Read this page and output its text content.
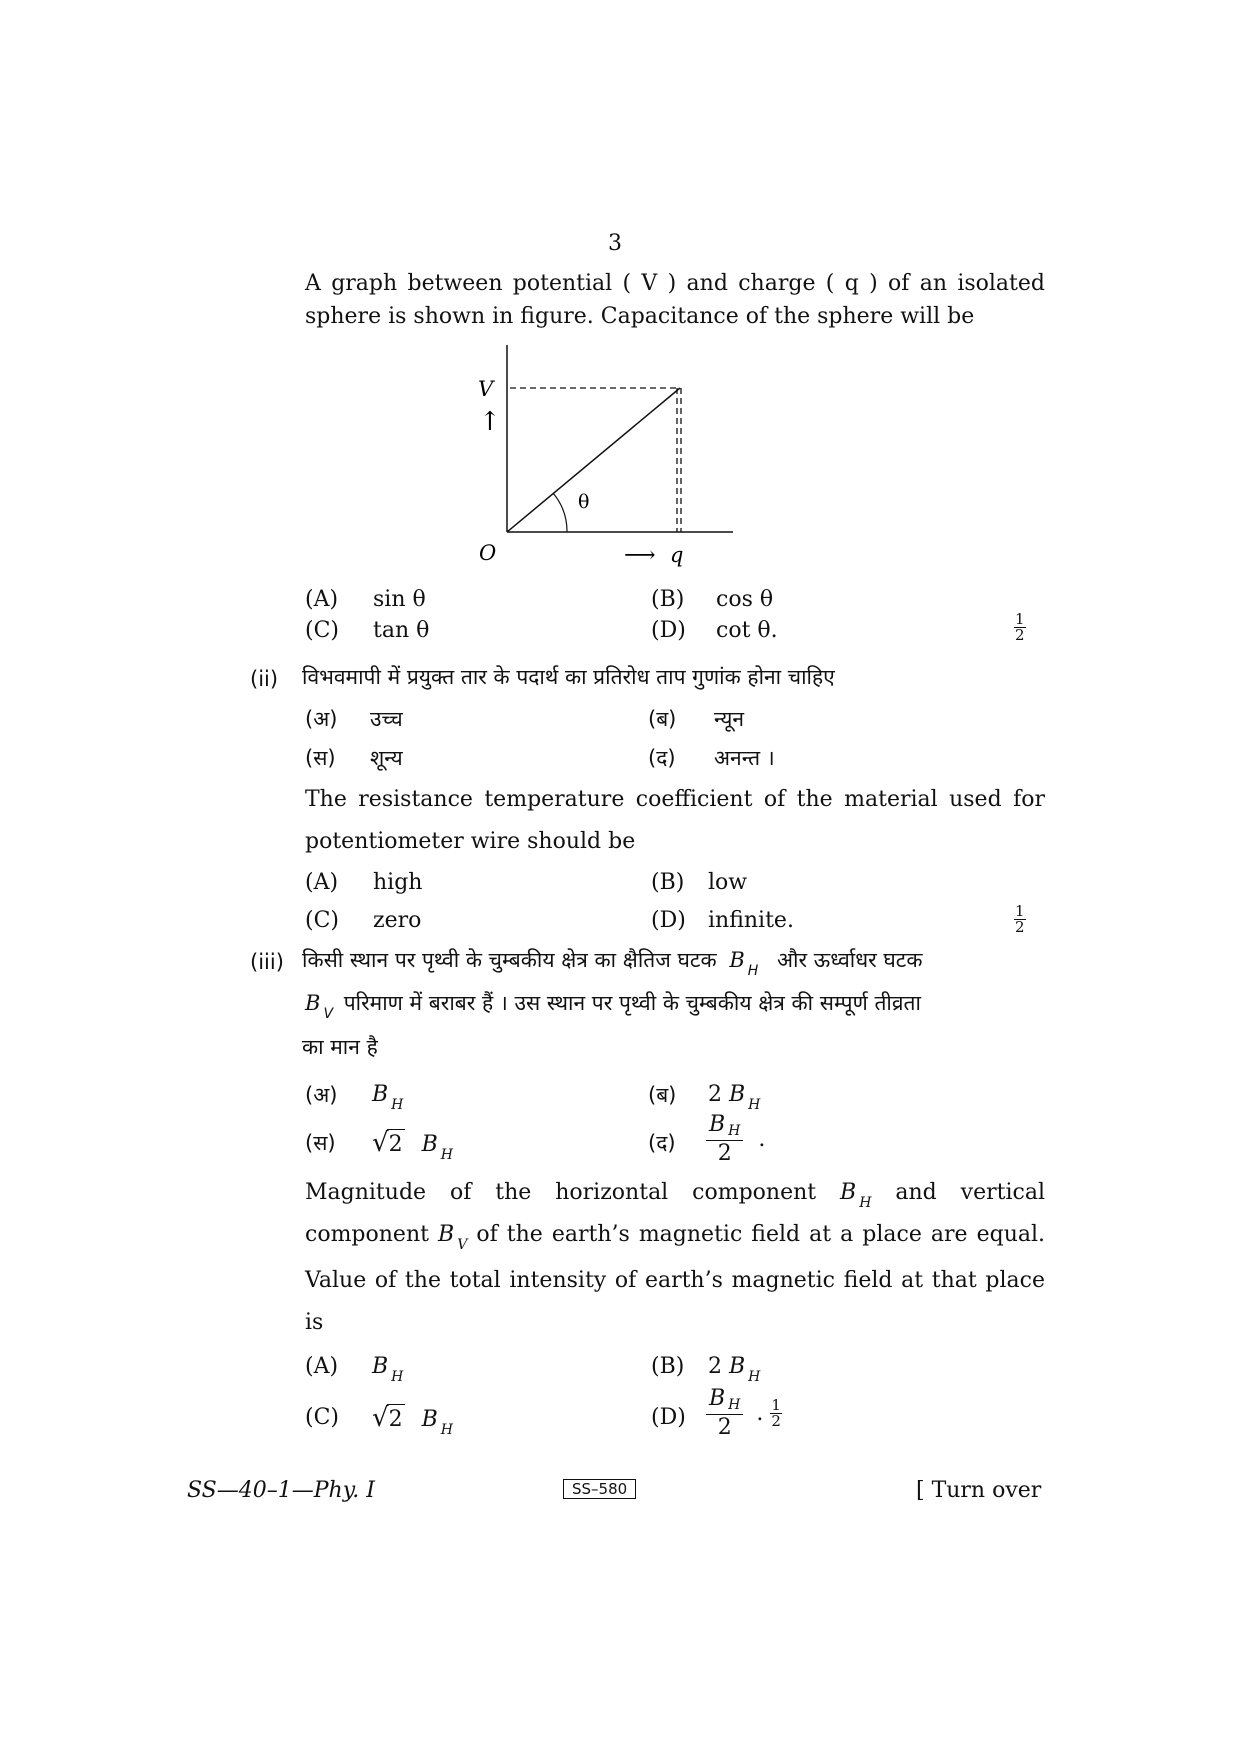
3
A graph between potential ( V ) and charge ( q ) of an isolated
sphere is shown in figure. Capacitance of the sphere will be
V
↑
θ
O	⟶ q
(A) sin θ	(B) cos θ
(C) tan θ	(D) cot θ.	$\frac{1}{2}$
(ii) विभवमापी में प्रयुक्त तार के पदार्थ का प्रतिरोध ताप गुणांक होना चाहिए
(अ) उच्च	(ब) न्यून
(स) शून्य	(द) अनन्त ।
The resistance temperature coefficient of the material used for
potentiometer wire should be
(A) high	(B) low
(C) zero	(D) infinite.	$\frac{1}{2}$
(iii) किसी स्थान पर पृथ्वी के चुम्बकीय क्षेत्र का क्षैतिज घटक B $_H$ और ऊर्ध्वाधर घटक
B $_V$ परिमाण में बराबर हैं । उस स्थान पर पृथ्वी के चुम्बकीय क्षेत्र की सम्पूर्ण तीव्रता
का मान है
(अ) B $_H$	(ब) 2 B $_H$
(स) √2 B $_H$	(द) $\frac{\text{B H}}{2}$ .
Magnitude of the horizontal component B $_H$ and vertical
component B $_V$ of the earth’s magnetic field at a place are equal.
Value of the total intensity of earth’s magnetic field at that place
is
(A) B $_H$	(B) 2 B $_H$
(C) √2 B $_H$	$(D) \frac{\text{B H}}{2}$ . $\frac{1}{2}$
SS—40–1—Phy. I	SS–580	[ Turn over
